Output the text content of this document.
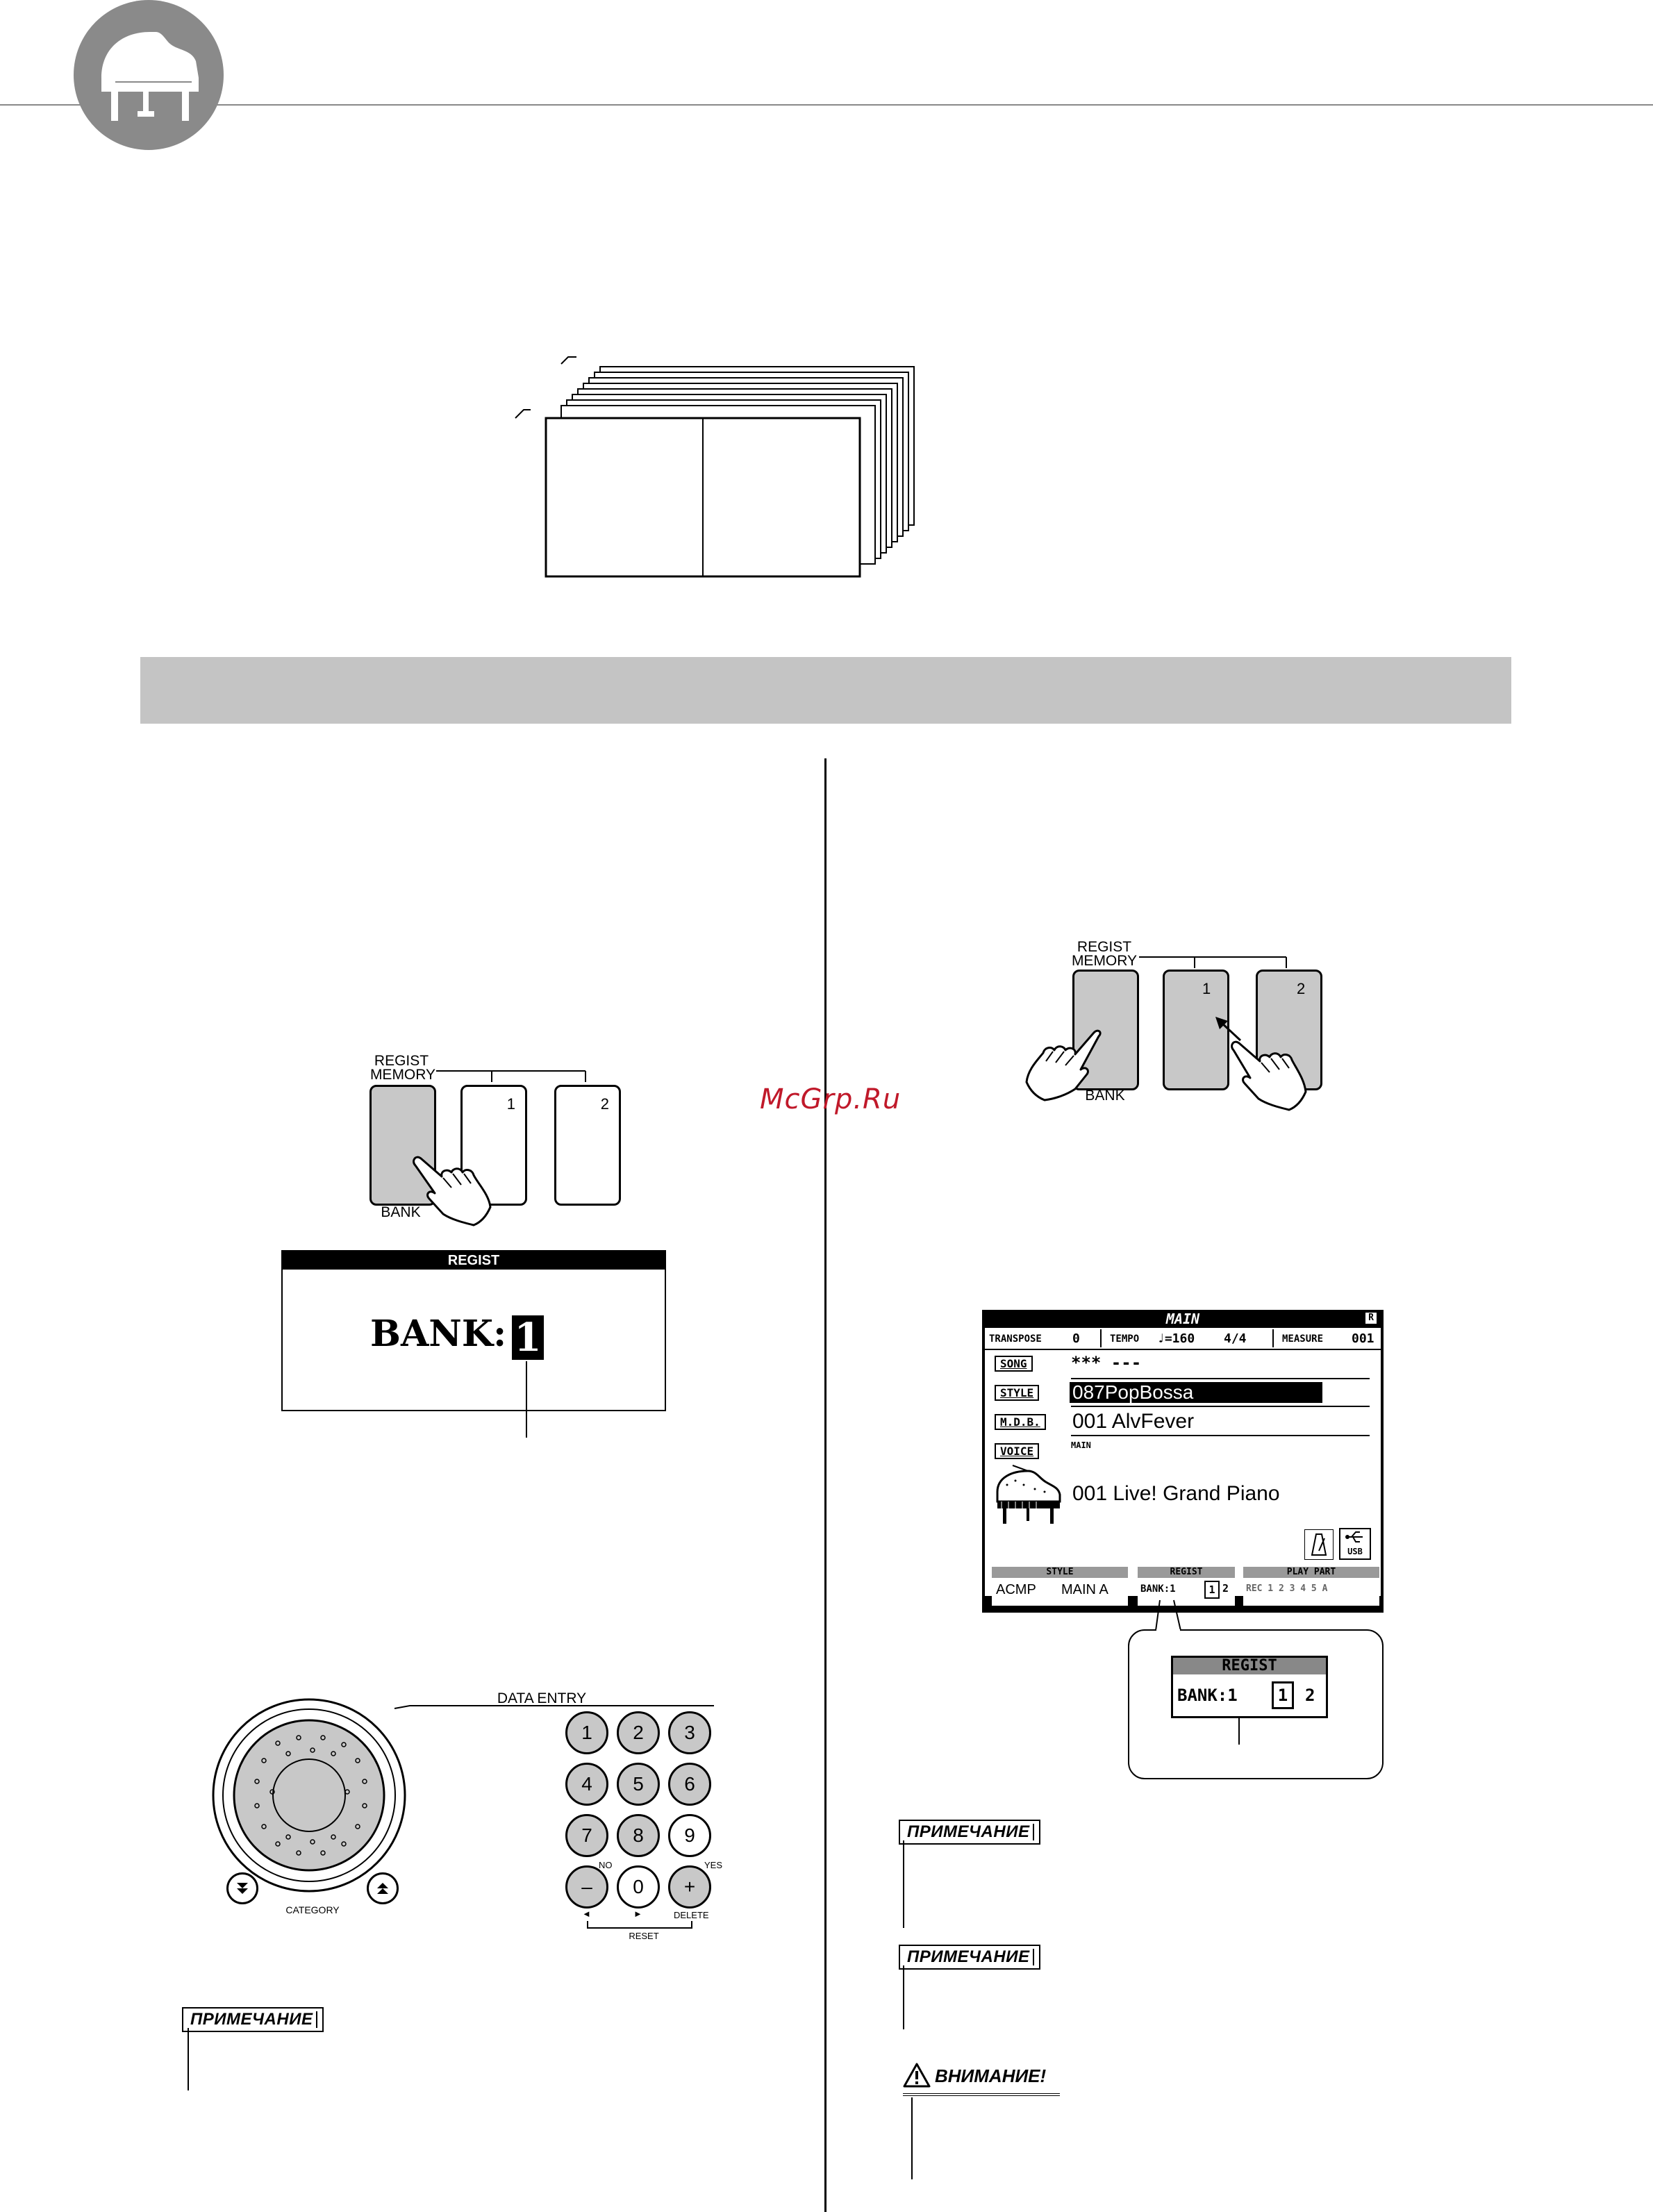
McGrp.Ru
REGIST
MEMORY
1	2
BANK
REGIST
BANK: 1
DATA ENTRY
CATEGORY
1	2	3
4	5	6
7	8	9
–	0	+
NO	YES
◄	►	DELETE
RESET
ПРИМЕЧАНИЕ
REGIST
MEMORY
1	2
BANK
MAIN	R
TRANSPOSE 0	TEMPO ♩=160 4/4	MEASURE 001
SONG	*** ---
STYLE 087PopBossa
M.D.B. 001 AlvFever
VOICE	MAIN
001 Live! Grand Piano
CHORD	PERFORMANCE ASSISTANT
---
USB
STYLE
ACMP MAIN A
REGIST
BANK:1	1 2
PLAY PART
REC 1 2 3 4 5 A
REGIST
BANK:1	1	2
ПРИМЕЧАНИЕ
ПРИМЕЧАНИЕ
ВНИМАНИЕ!
